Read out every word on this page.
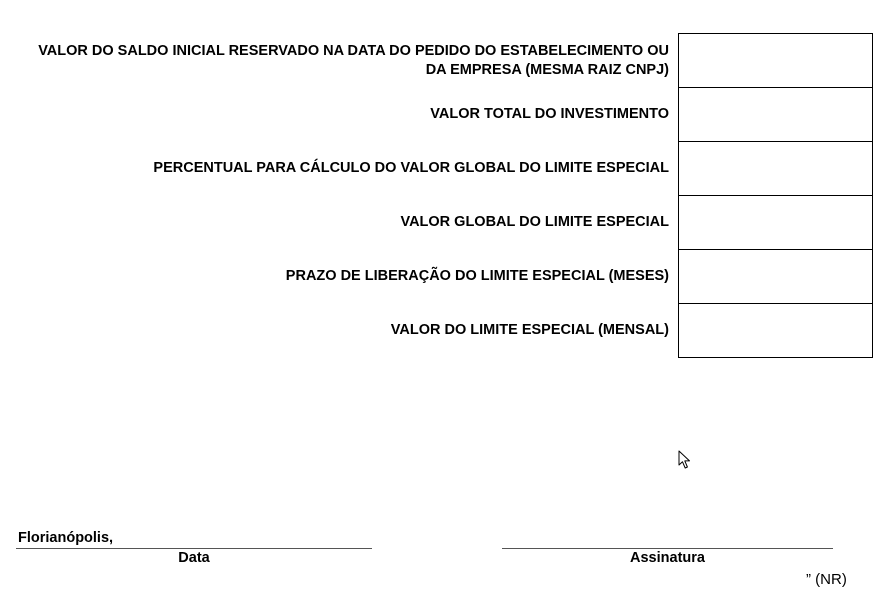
VALOR DO SALDO INICIAL RESERVADO NA DATA DO PEDIDO DO ESTABELECIMENTO OU
DA EMPRESA (MESMA RAIZ CNPJ)
VALOR TOTAL DO INVESTIMENTO
PERCENTUAL PARA CÁLCULO DO VALOR GLOBAL DO LIMITE ESPECIAL
VALOR GLOBAL DO LIMITE ESPECIAL
PRAZO DE LIBERAÇÃO DO LIMITE ESPECIAL (MESES)
VALOR DO LIMITE ESPECIAL (MENSAL)
Florianópolis,
Data	Assinatura
” (NR)
